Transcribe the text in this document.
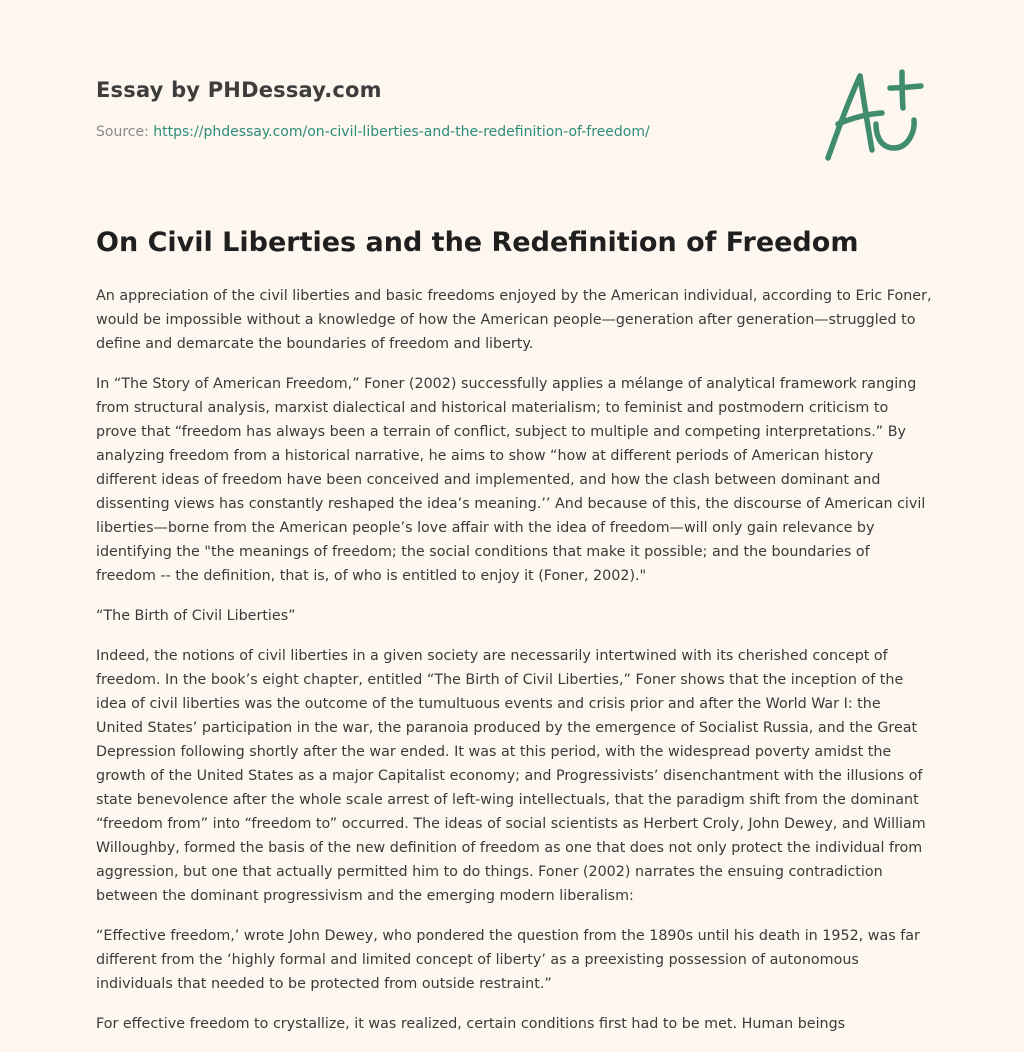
Essay by PHDessay.com
Source: https://phdessay.com/on-civil-liberties-and-the-redefinition-of-freedom/
On Civil Liberties and the Redefinition of Freedom

An appreciation of the civil liberties and basic freedoms enjoyed by the American individual, according to Eric Foner, would be impossible without a knowledge of how the American people—generation after generation—struggled to define and demarcate the boundaries of freedom and liberty.

In “The Story of American Freedom,” Foner (2002) successfully applies a mélange of analytical framework ranging from structural analysis, marxist dialectical and historical materialism; to feminist and postmodern criticism to prove that “freedom has always been a terrain of conflict, subject to multiple and competing interpretations.” By analyzing freedom from a historical narrative, he aims to show “how at different periods of American history different ideas of freedom have been conceived and implemented, and how the clash between dominant and dissenting views has constantly reshaped the idea’s meaning.’’ And because of this, the discourse of American civil liberties—borne from the American people’s love affair with the idea of freedom—will only gain relevance by identifying the "the meanings of freedom; the social conditions that make it possible; and the boundaries of freedom -- the definition, that is, of who is entitled to enjoy it (Foner, 2002)."

“The Birth of Civil Liberties”

Indeed, the notions of civil liberties in a given society are necessarily intertwined with its cherished concept of freedom. In the book’s eight chapter, entitled “The Birth of Civil Liberties,” Foner shows that the inception of the idea of civil liberties was the outcome of the tumultuous events and crisis prior and after the World War I: the United States’ participation in the war, the paranoia produced by the emergence of Socialist Russia, and the Great Depression following shortly after the war ended. It was at this period, with the widespread poverty amidst the growth of the United States as a major Capitalist economy; and Progressivists’ disenchantment with the illusions of state benevolence after the whole scale arrest of left-wing intellectuals, that the paradigm shift from the dominant “freedom from” into “freedom to” occurred. The ideas of social scientists as Herbert Croly, John Dewey, and William Willoughby, formed the basis of the new definition of freedom as one that does not only protect the individual from aggression, but one that actually permitted him to do things. Foner (2002) narrates the ensuing contradiction between the dominant progressivism and the emerging modern liberalism:

“Effective freedom,’ wrote John Dewey, who pondered the question from the 1890s until his death in 1952, was far different from the ‘highly formal and limited concept of liberty’ as a preexisting possession of autonomous individuals that needed to be protected from outside restraint.”

For effective freedom to crystallize, it was realized, certain conditions first had to be met. Human beings
